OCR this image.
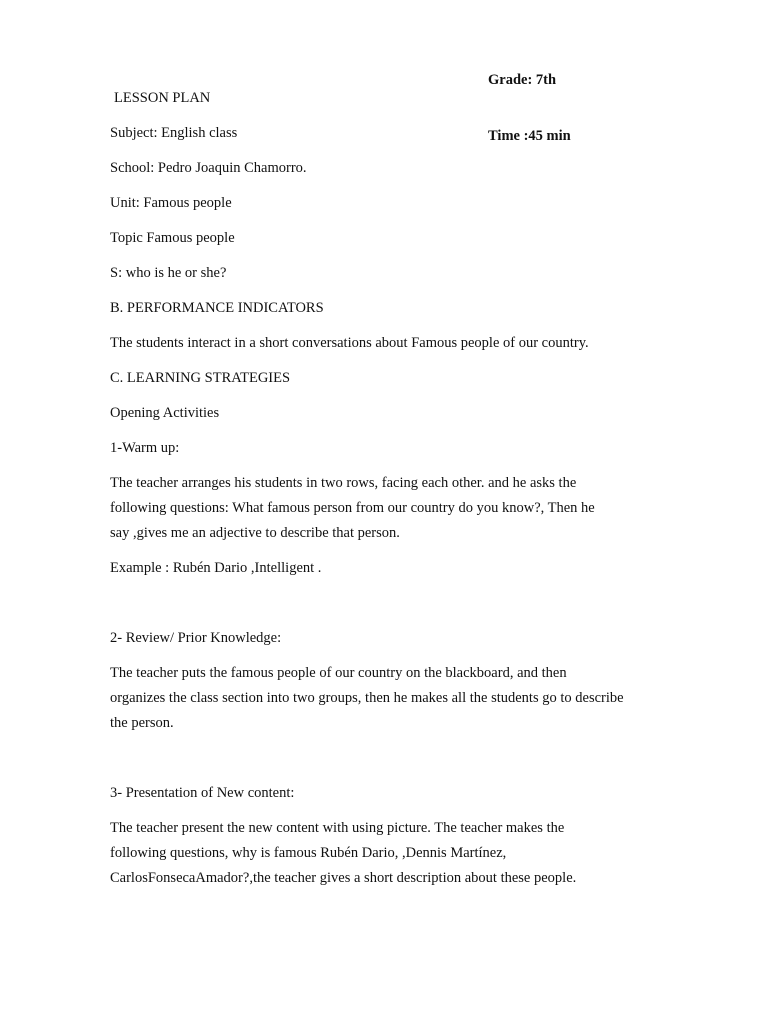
Grade: 7th
Time :45 min

LESSON PLAN

Subject: English class

School: Pedro Joaquin Chamorro.

Unit: Famous people

Topic Famous people

S: who is he or she?

B. PERFORMANCE INDICATORS

The students interact in a short conversations about Famous people of our country.

C. LEARNING STRATEGIES

Opening Activities

1-Warm up:

The teacher arranges his students in two rows, facing each other. and he asks the
following questions: What famous person from our country do you know?, Then he
say ,gives me an adjective to describe that person.

Example : Rubén Dario ,Intelligent .

2- Review/ Prior Knowledge:

The teacher puts the famous people of our country on the blackboard, and then
organizes the class section into two groups, then he makes all the students go to describe
the person.

3- Presentation of New content:

The teacher present the new content with using picture. The teacher makes the
following questions, why is famous Rubén Dario, ,Dennis Martínez,
CarlosFonsecaAmador?,the teacher gives a short description about these people.
